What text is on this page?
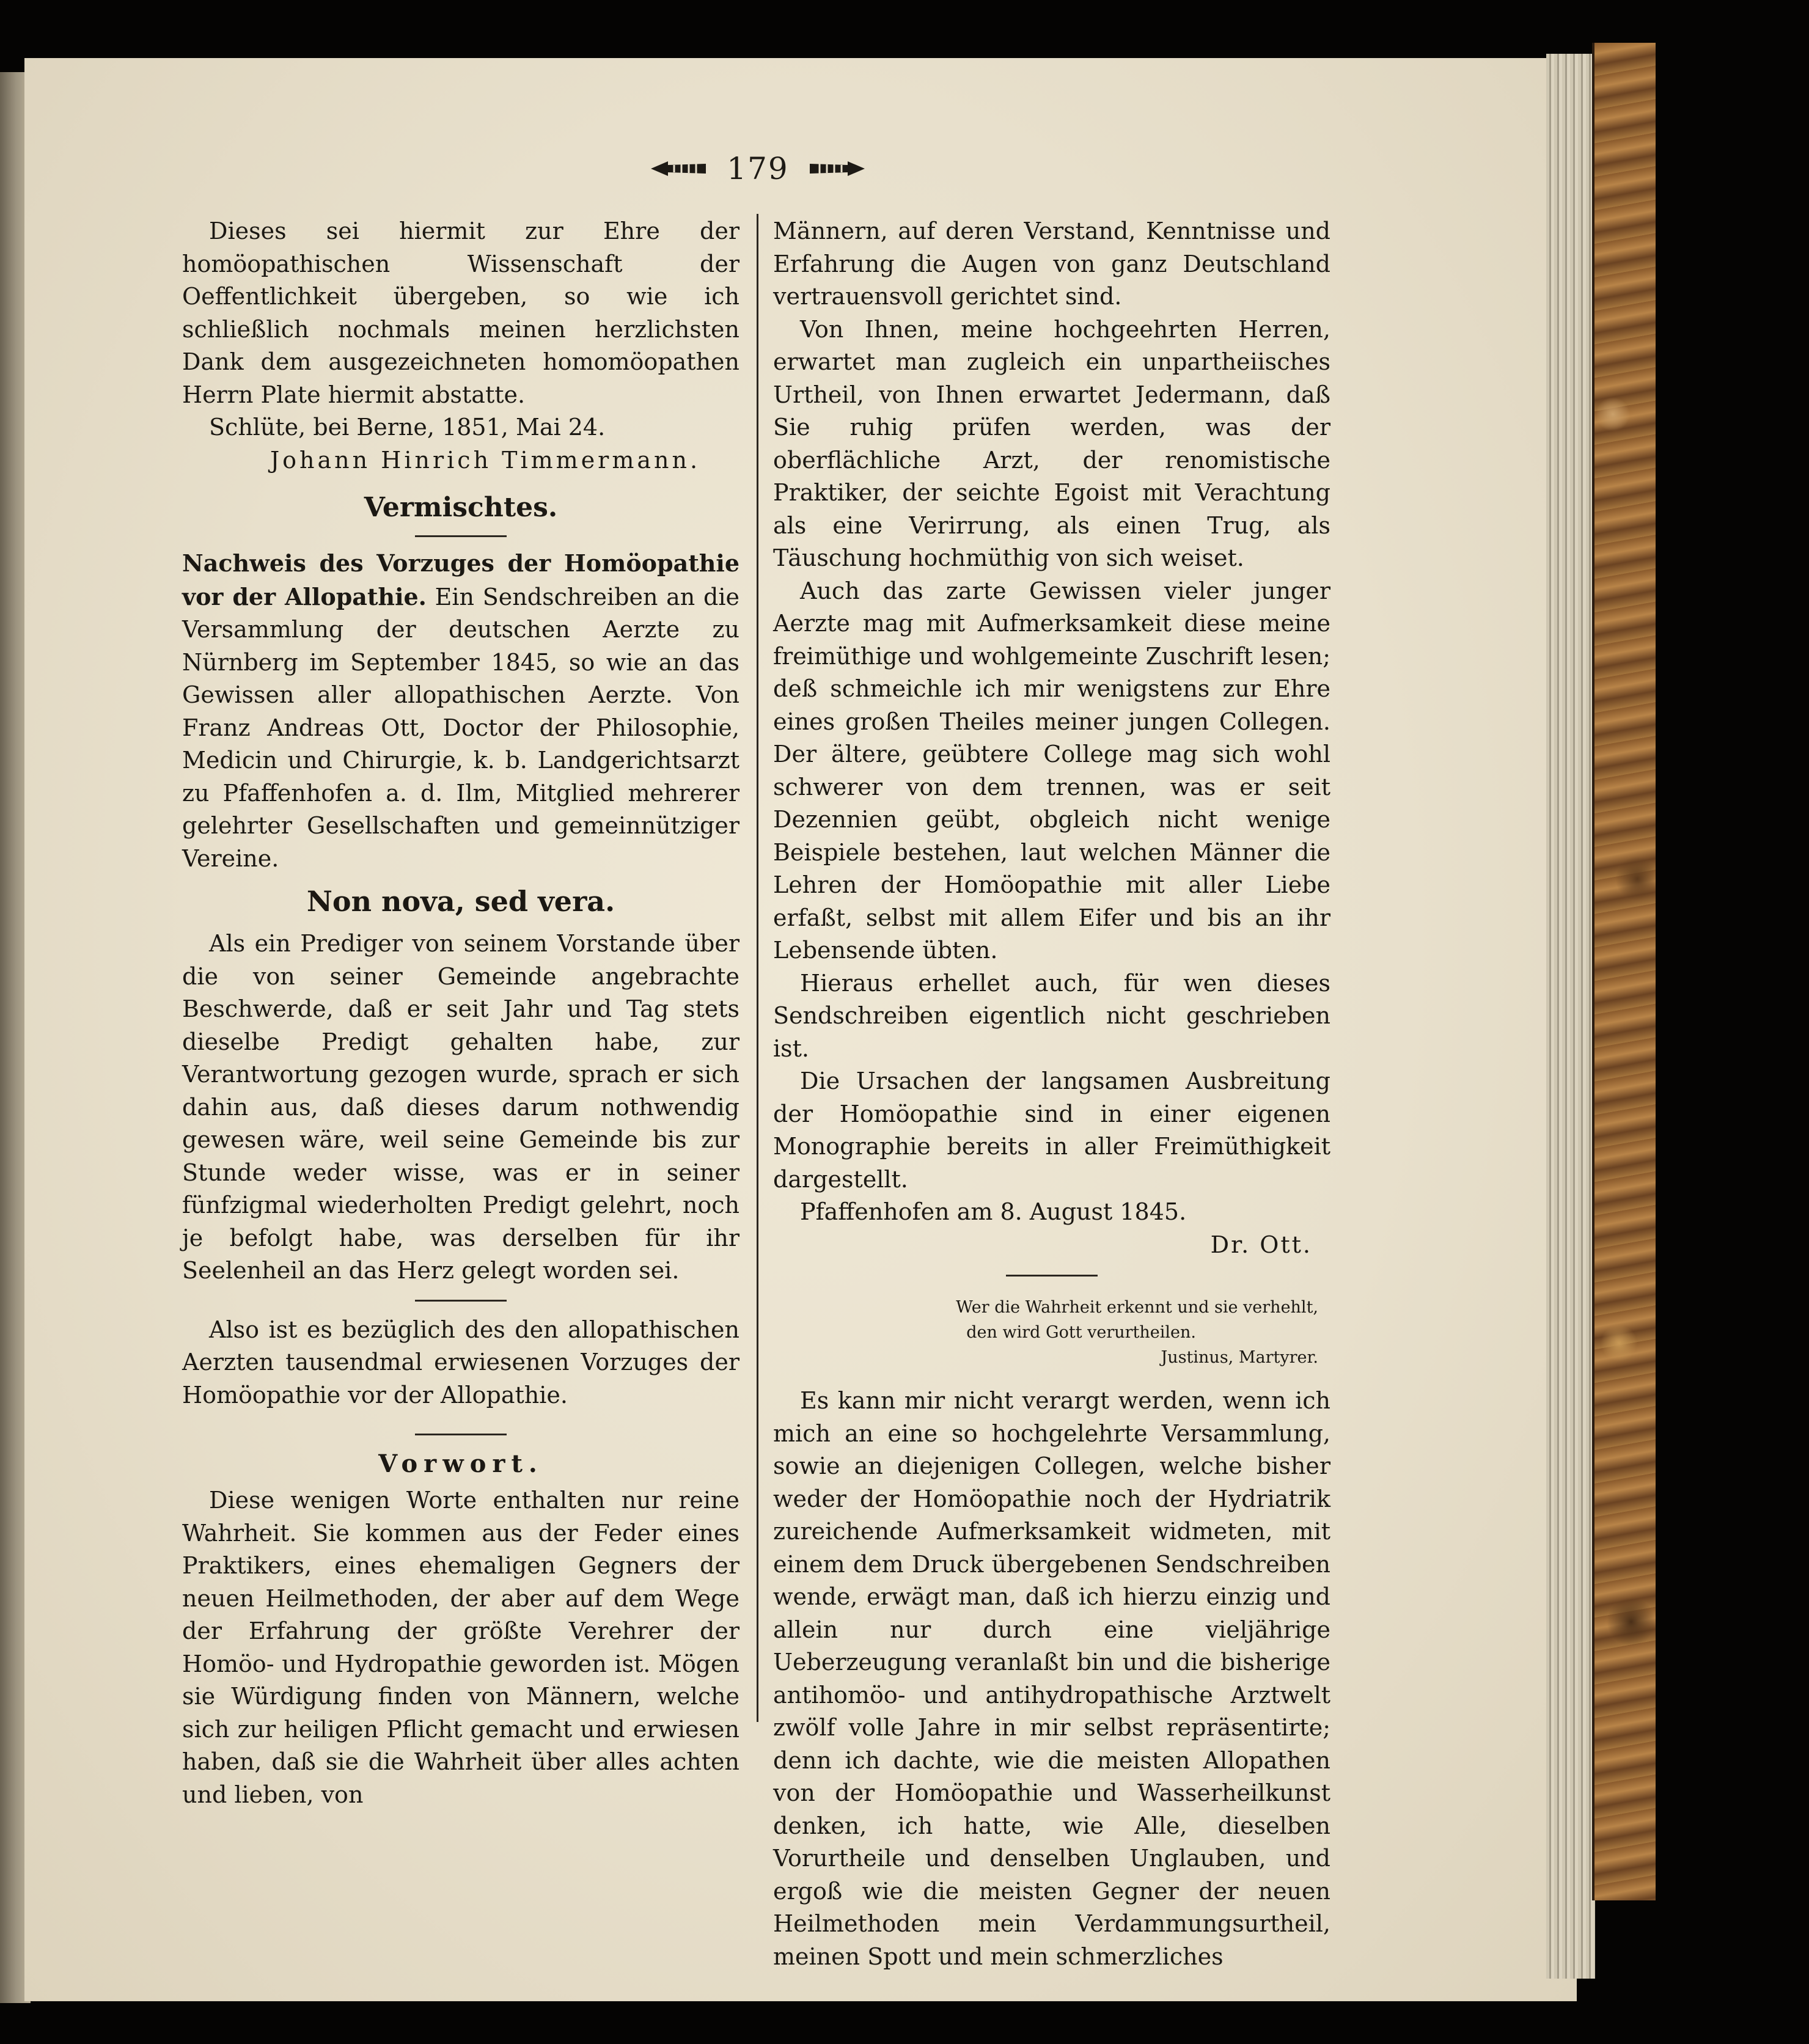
179

Dieses sei hiermit zur Ehre der homöopathischen Wissenschaft der Oeffentlichkeit übergeben, so wie ich schließlich nochmals meinen herzlichsten Dank dem ausgezeichneten homomöopathen Herrn Plate hiermit abstatte.

Schlüte, bei Berne, 1851, Mai 24.

Johann Hinrich Timmermann.

Vermischtes.

Nachweis des Vorzuges der Homöopathie vor der Allopathie. Ein Sendschreiben an die Versammlung der deutschen Aerzte zu Nürnberg im September 1845, so wie an das Gewissen aller allopathischen Aerzte. Von Franz Andreas Ott, Doctor der Philosophie, Medicin und Chirurgie, k. b. Landgerichtsarzt zu Pfaffenhofen a. d. Ilm, Mitglied mehrerer gelehrter Gesellschaften und gemeinnütziger Vereine.

Non nova, sed vera.

Als ein Prediger von seinem Vorstande über die von seiner Gemeinde angebrachte Beschwerde, daß er seit Jahr und Tag stets dieselbe Predigt gehalten habe, zur Verantwortung gezogen wurde, sprach er sich dahin aus, daß dieses darum nothwendig gewesen wäre, weil seine Gemeinde bis zur Stunde weder wisse, was er in seiner fünfzigmal wiederholten Predigt gelehrt, noch je befolgt habe, was derselben für ihr Seelenheil an das Herz gelegt worden sei.

Also ist es bezüglich des den allopathischen Aerzten tausendmal erwiesenen Vorzuges der Homöopathie vor der Allopathie.

Vorwort.

Diese wenigen Worte enthalten nur reine Wahrheit. Sie kommen aus der Feder eines Praktikers, eines ehemaligen Gegners der neuen Heilmethoden, der aber auf dem Wege der Erfahrung der größte Verehrer der Homöo- und Hydropathie geworden ist. Mögen sie Würdigung finden von Männern, welche sich zur heiligen Pflicht gemacht und erwiesen haben, daß sie die Wahrheit über alles achten und lieben, von

Männern, auf deren Verstand, Kenntnisse und Erfahrung die Augen von ganz Deutschland vertrauensvoll gerichtet sind.

Von Ihnen, meine hochgeehrten Herren, erwartet man zugleich ein unpartheiisches Urtheil, von Ihnen erwartet Jedermann, daß Sie ruhig prüfen werden, was der oberflächliche Arzt, der renomistische Praktiker, der seichte Egoist mit Verachtung als eine Verirrung, als einen Trug, als Täuschung hochmüthig von sich weiset.

Auch das zarte Gewissen vieler junger Aerzte mag mit Aufmerksamkeit diese meine freimüthige und wohlgemeinte Zuschrift lesen; deß schmeichle ich mir wenigstens zur Ehre eines großen Theiles meiner jungen Collegen. Der ältere, geübtere College mag sich wohl schwerer von dem trennen, was er seit Dezennien geübt, obgleich nicht wenige Beispiele bestehen, laut welchen Männer die Lehren der Homöopathie mit aller Liebe erfaßt, selbst mit allem Eifer und bis an ihr Lebensende übten.

Hieraus erhellet auch, für wen dieses Sendschreiben eigentlich nicht geschrieben ist.

Die Ursachen der langsamen Ausbreitung der Homöopathie sind in einer eigenen Monographie bereits in aller Freimüthigkeit dargestellt.

Pfaffenhofen am 8. August 1845.

Dr. Ott.

Wer die Wahrheit erkennt und sie verhehlt,
den wird Gott verurtheilen.
Justinus, Martyrer.

Es kann mir nicht verargt werden, wenn ich mich an eine so hochgelehrte Versammlung, sowie an diejenigen Collegen, welche bisher weder der Homöopathie noch der Hydriatrik zureichende Aufmerksamkeit widmeten, mit einem dem Druck übergebenen Sendschreiben wende, erwägt man, daß ich hierzu einzig und allein nur durch eine vieljährige Ueberzeugung veranlaßt bin und die bisherige antihomöo- und antihydropathische Arztwelt zwölf volle Jahre in mir selbst repräsentirte; denn ich dachte, wie die meisten Allopathen von der Homöopathie und Wasserheilkunst denken, ich hatte, wie Alle, dieselben Vorurtheile und denselben Unglauben, und ergoß wie die meisten Gegner der neuen Heilmethoden mein Verdammungsurtheil, meinen Spott und mein schmerzliches
